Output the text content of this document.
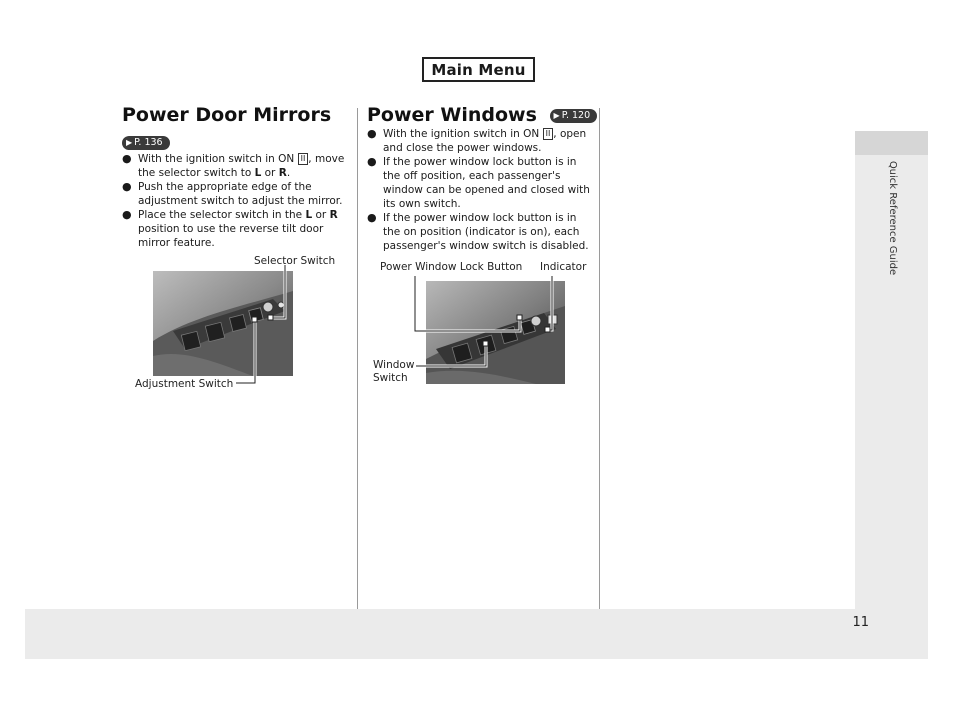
Main Menu
Quick Reference Guide
11
Power Door Mirrors
▶ P. 136
● With the ignition switch in ON II , move the selector switch to L or R.
● Push the appropriate edge of the adjustment switch to adjust the mirror.
● Place the selector switch in the L or R position to use the reverse tilt door mirror feature.
Selector Switch
Adjustment Switch
Power Windows ▶ P. 120
● With the ignition switch in ON II , open and close the power windows.
● If the power window lock button is in the off position, each passenger's window can be opened and closed with its own switch.
● If the power window lock button is in the on position (indicator is on), each passenger's window switch is disabled.
Power Window Lock Button Indicator
Window
Switch
